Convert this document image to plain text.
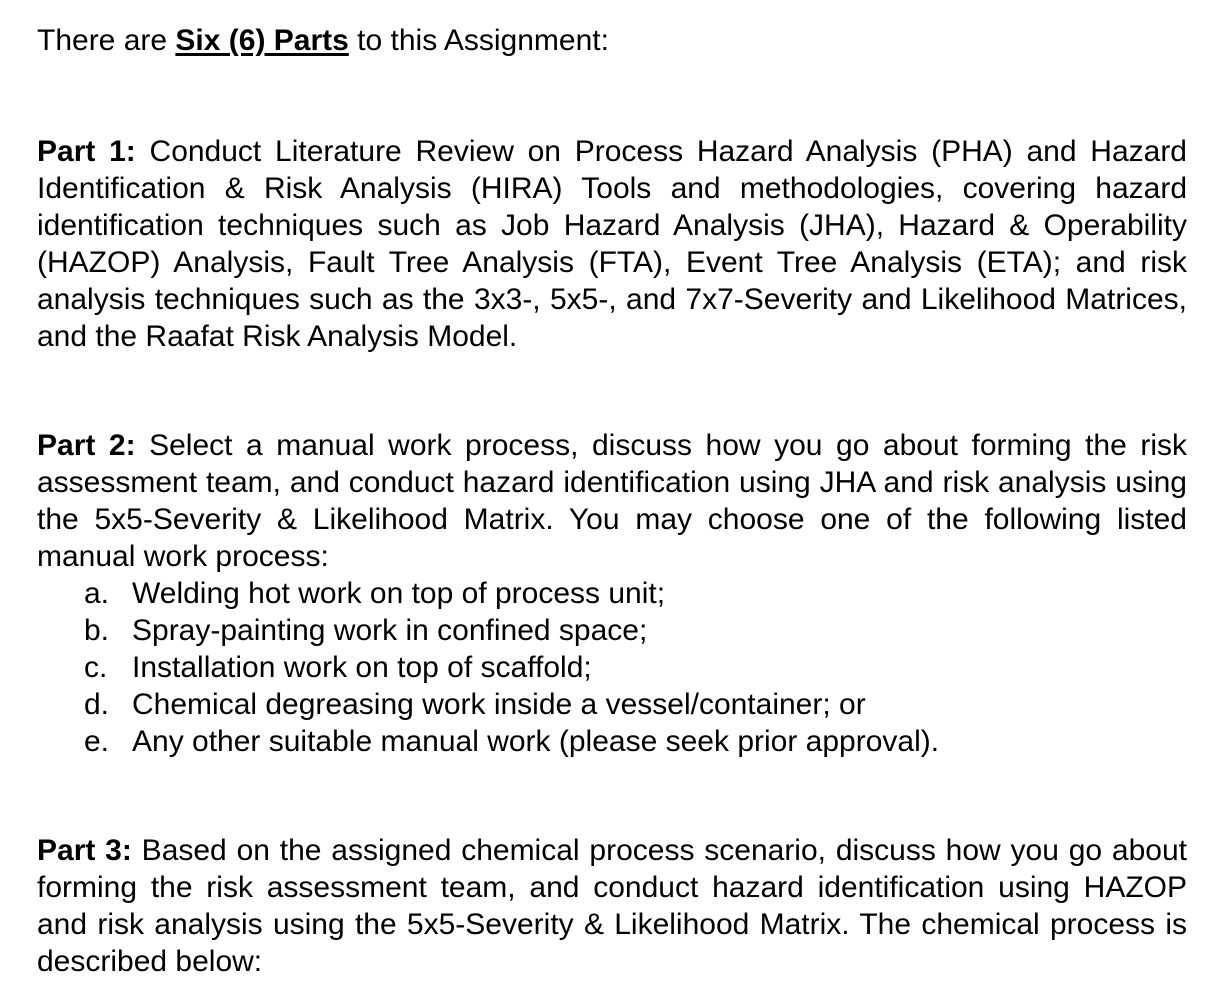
There are Six (6) Parts to this Assignment:
Part 1: Conduct Literature Review on Process Hazard Analysis (PHA) and Hazard Identification & Risk Analysis (HIRA) Tools and methodologies, covering hazard identification techniques such as Job Hazard Analysis (JHA), Hazard & Operability (HAZOP) Analysis, Fault Tree Analysis (FTA), Event Tree Analysis (ETA); and risk analysis techniques such as the 3x3-, 5x5-, and 7x7-Severity and Likelihood Matrices, and the Raafat Risk Analysis Model.
Part 2: Select a manual work process, discuss how you go about forming the risk assessment team, and conduct hazard identification using JHA and risk analysis using the 5x5-Severity & Likelihood Matrix. You may choose one of the following listed manual work process:
a. Welding hot work on top of process unit;
b. Spray-painting work in confined space;
c. Installation work on top of scaffold;
d. Chemical degreasing work inside a vessel/container; or
e. Any other suitable manual work (please seek prior approval).
Part 3: Based on the assigned chemical process scenario, discuss how you go about forming the risk assessment team, and conduct hazard identification using HAZOP and risk analysis using the 5x5-Severity & Likelihood Matrix. The chemical process is described below:
